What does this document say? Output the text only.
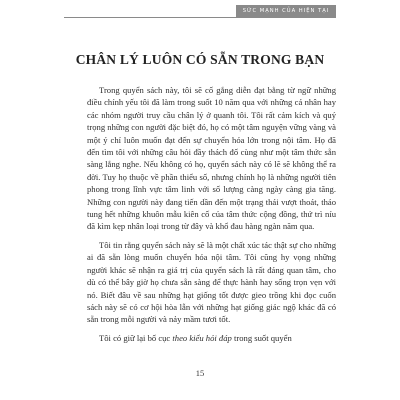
SỨC MẠNH CỦA HIỆN TẠI
CHÂN LÝ LUÔN CÓ SẴN TRONG BẠN

Trong quyển sách này, tôi sẽ cố gắng diễn đạt bằng từ ngữ những điều chính yếu tôi đã làm trong suốt 10 năm qua với những cá nhân hay các nhóm người truy cầu chân lý ở quanh tôi. Tôi rất cảm kích và quý trọng những con người đặc biệt đó, họ có một tâm nguyện vững vàng và một ý chí luôn muốn đạt đến sự chuyển hóa lớn trong nội tâm. Họ đã đến tìm tôi với những câu hỏi đầy thách đố cùng như một tâm thức sẵn sàng lắng nghe. Nếu không có họ, quyển sách này có lẽ sẽ không thể ra đời. Tuy họ thuộc về phần thiểu số, nhưng chính họ là những người tiên phong trong lĩnh vực tâm linh với số lượng càng ngày càng gia tăng. Những con người này đang tiến dần đến một trạng thái vượt thoát, tháo tung hết những khuôn mẫu kiên cố của tâm thức cộng đồng, thứ trì níu đã kìm kẹp nhân loại trong từ đây và khổ đau hàng ngàn năm qua.

Tôi tin rằng quyển sách này sẽ là một chất xúc tác thật sự cho những ai đã sẵn lòng muốn chuyển hóa nội tâm. Tôi cũng hy vọng những người khác sẽ nhận ra giá trị của quyển sách là rất đáng quan tâm, cho dù có thể bây giờ họ chưa sẵn sàng để thực hành hay sống trọn vẹn với nó. Biết đâu về sau những hạt giống tốt được gieo trồng khi đọc cuốn sách này sẽ có cơ hội hòa lẫn với những hạt giống giác ngộ khác đã có sẵn trong mỗi người và nảy mầm tươi tốt.

Tôi có giữ lại bố cục theo kiểu hỏi đáp trong suốt quyển

15
